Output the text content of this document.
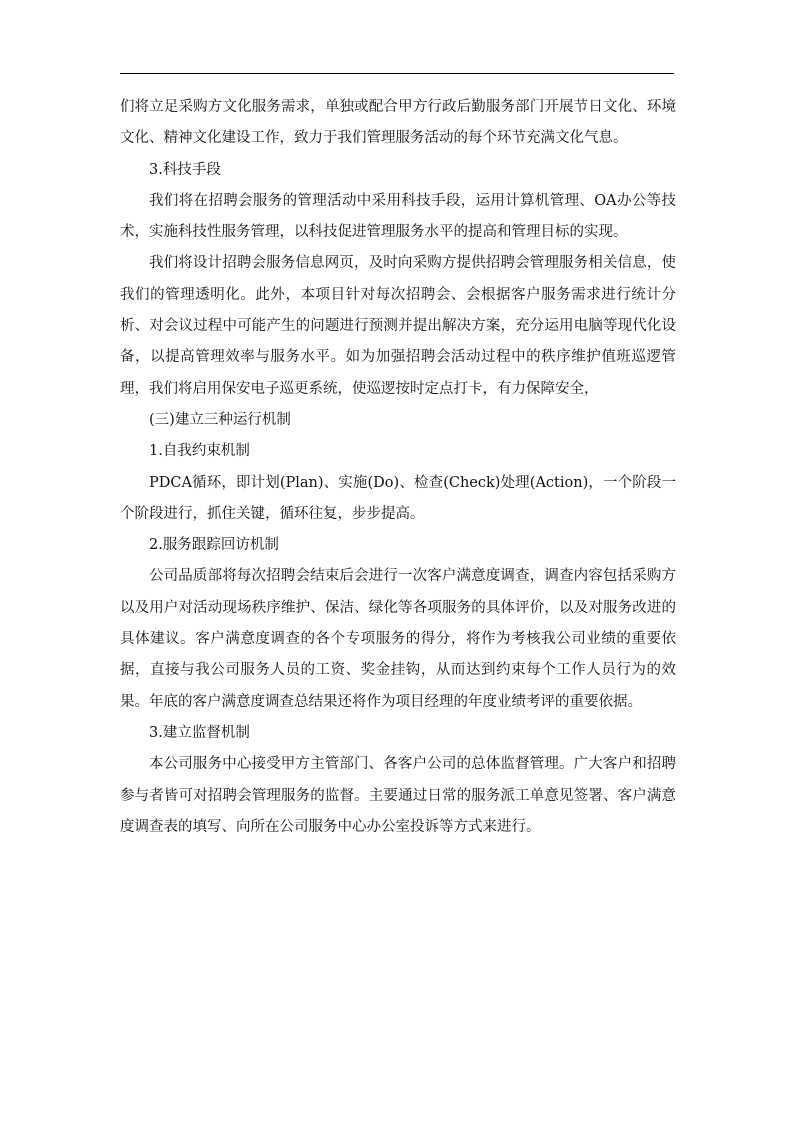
们将立足采购方文化服务需求，单独或配合甲方行政后勤服务部门开展节日文化、环境文化、精神文化建设工作，致力于我们管理服务活动的每个环节充满文化气息。

3.科技手段

我们将在招聘会服务的管理活动中采用科技手段，运用计算机管理、OA办公等技术，实施科技性服务管理，以科技促进管理服务水平的提高和管理目标的实现。

我们将设计招聘会服务信息网页，及时向采购方提供招聘会管理服务相关信息，使我们的管理透明化。此外，本项目针对每次招聘会、会根据客户服务需求进行统计分析、对会议过程中可能产生的问题进行预测并提出解决方案，充分运用电脑等现代化设备，以提高管理效率与服务水平。如为加强招聘会活动过程中的秩序维护值班巡逻管理，我们将启用保安电子巡更系统，使巡逻按时定点打卡，有力保障安全，

(三)建立三种运行机制

1.自我约束机制

PDCA循环，即计划(Plan)、实施(Do)、检查(Check)处理(Action)，一个阶段一个阶段进行，抓住关键，循环往复，步步提高。

2.服务跟踪回访机制

公司品质部将每次招聘会结束后会进行一次客户满意度调查，调查内容包括采购方以及用户对活动现场秩序维护、保洁、绿化等各项服务的具体评价，以及对服务改进的具体建议。客户满意度调查的各个专项服务的得分，将作为考核我公司业绩的重要依据，直接与我公司服务人员的工资、奖金挂钩，从而达到约束每个工作人员行为的效果。年底的客户满意度调查总结果还将作为项目经理的年度业绩考评的重要依据。

3.建立监督机制

本公司服务中心接受甲方主管部门、各客户公司的总体监督管理。广大客户和招聘参与者皆可对招聘会管理服务的监督。主要通过日常的服务派工单意见签署、客户满意度调查表的填写、向所在公司服务中心办公室投诉等方式来进行。
